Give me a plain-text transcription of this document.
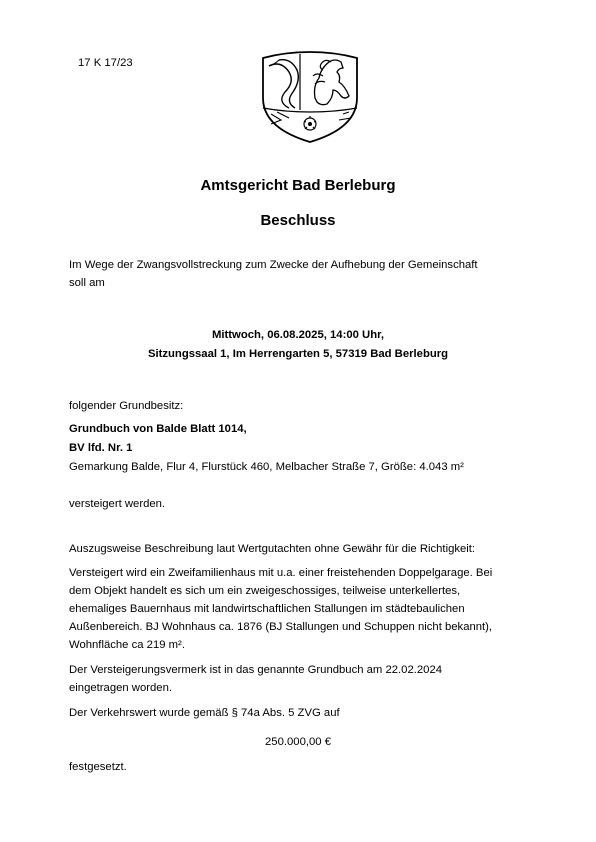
17 K 17/23
Amtsgericht Bad Berleburg
Beschluss
Im Wege der Zwangsvollstreckung zum Zwecke der Aufhebung der Gemeinschaft
soll am
Mittwoch, 06.08.2025, 14:00 Uhr,
Sitzungssaal 1, Im Herrengarten 5, 57319 Bad Berleburg
folgender Grundbesitz:
Grundbuch von Balde Blatt 1014,
BV lfd. Nr. 1
Gemarkung Balde, Flur 4, Flurstück 460, Melbacher Straße 7, Größe: 4.043 m²
versteigert werden.
Auszugsweise Beschreibung laut Wertgutachten ohne Gewähr für die Richtigkeit:
Versteigert wird ein Zweifamilienhaus mit u.a. einer freistehenden Doppelgarage. Bei
dem Objekt handelt es sich um ein zweigeschossiges, teilweise unterkellertes,
ehemaliges Bauernhaus mit landwirtschaftlichen Stallungen im städtebaulichen
Außenbereich. BJ Wohnhaus ca. 1876 (BJ Stallungen und Schuppen nicht bekannt),
Wohnfläche ca 219 m².
Der Versteigerungsvermerk ist in das genannte Grundbuch am 22.02.2024
eingetragen worden.
Der Verkehrswert wurde gemäß § 74a Abs. 5 ZVG auf
250.000,00 €
festgesetzt.
